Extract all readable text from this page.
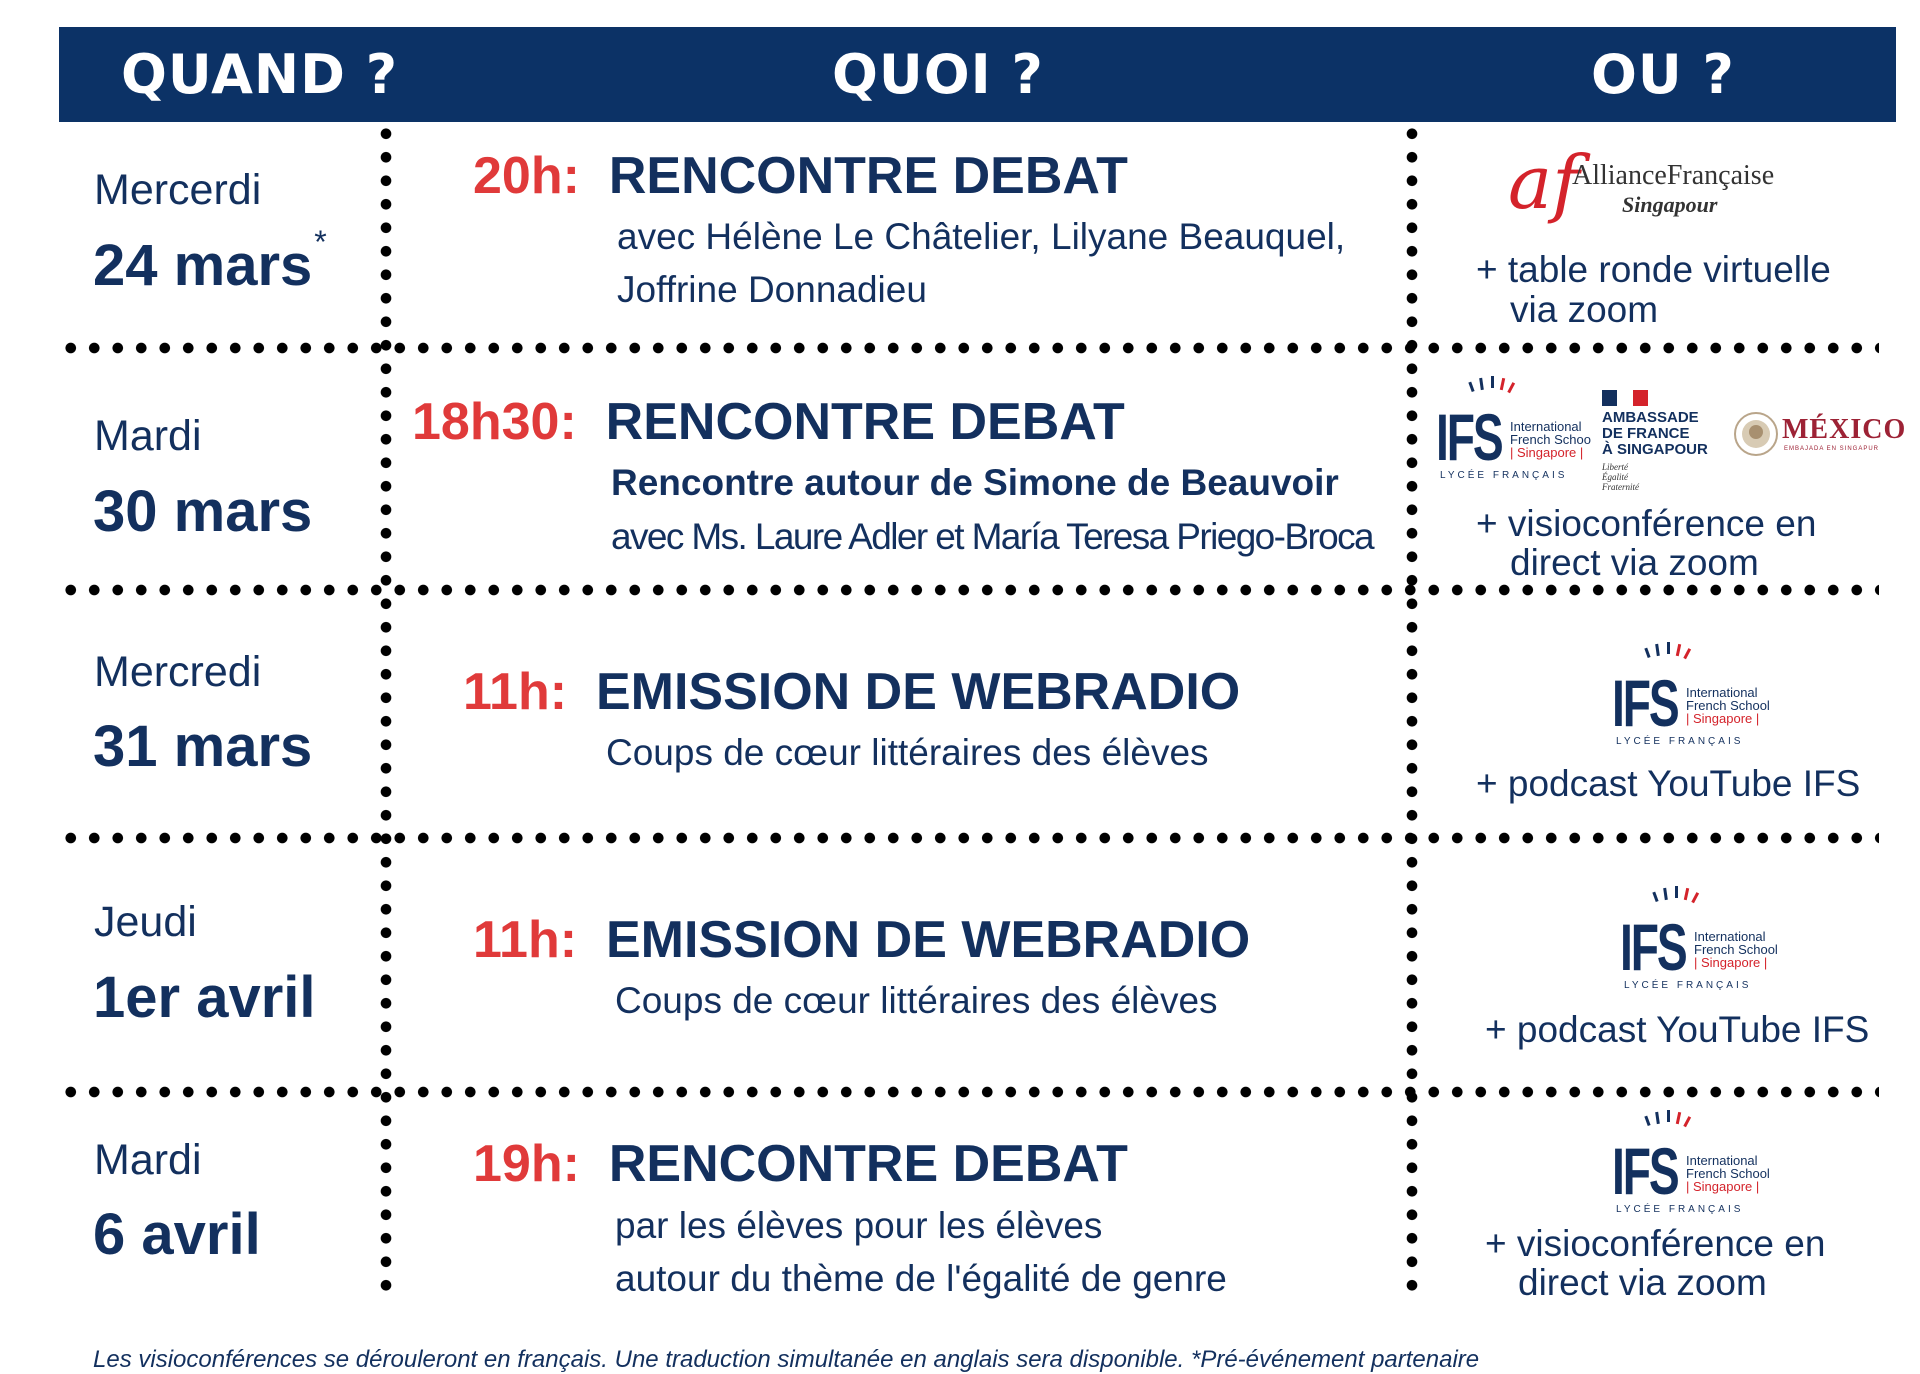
QUAND ?	QUOI ?	OU ?
Mercerdi
24 mars*
20h: RENCONTRE DEBAT
avec Hélène Le Châtelier, Lilyane Beauquel,
Joffrine Donnadieu
af
AllianceFrançaise
Singapour
+ table ronde virtuelle
via zoom
Mardi
30 mars
18h30: RENCONTRE DEBAT
Rencontre autour de Simone de Beauvoir
avec Ms. Laure Adler et María Teresa Priego-Broca
IFS International
French Schoo
| Singapore |
LYCÉE FRANÇAIS
AMBASSADE
DE FRANCE
À SINGAPOUR
Liberté
Égalité
Fraternité
MÉXICO
EMBAJADA EN SINGAPUR
+ visioconférence en
direct via zoom
Mercredi
31 mars
11h: EMISSION DE WEBRADIO
Coups de cœur littéraires des élèves
IFS International
French School
| Singapore |
LYCÉE FRANÇAIS
+ podcast YouTube IFS
Jeudi
1er avril
11h: EMISSION DE WEBRADIO
Coups de cœur littéraires des élèves
IFS International
French School
| Singapore |
LYCÉE FRANÇAIS
+ podcast YouTube IFS
Mardi
6 avril
19h: RENCONTRE DEBAT
par les élèves pour les élèves
autour du thème de l'égalité de genre
IFS International
French School
| Singapore |
LYCÉE FRANÇAIS
+ visioconférence en
direct via zoom
Les visioconférences se dérouleront en français. Une traduction simultanée en anglais sera disponible. *Pré-événement partenaire
